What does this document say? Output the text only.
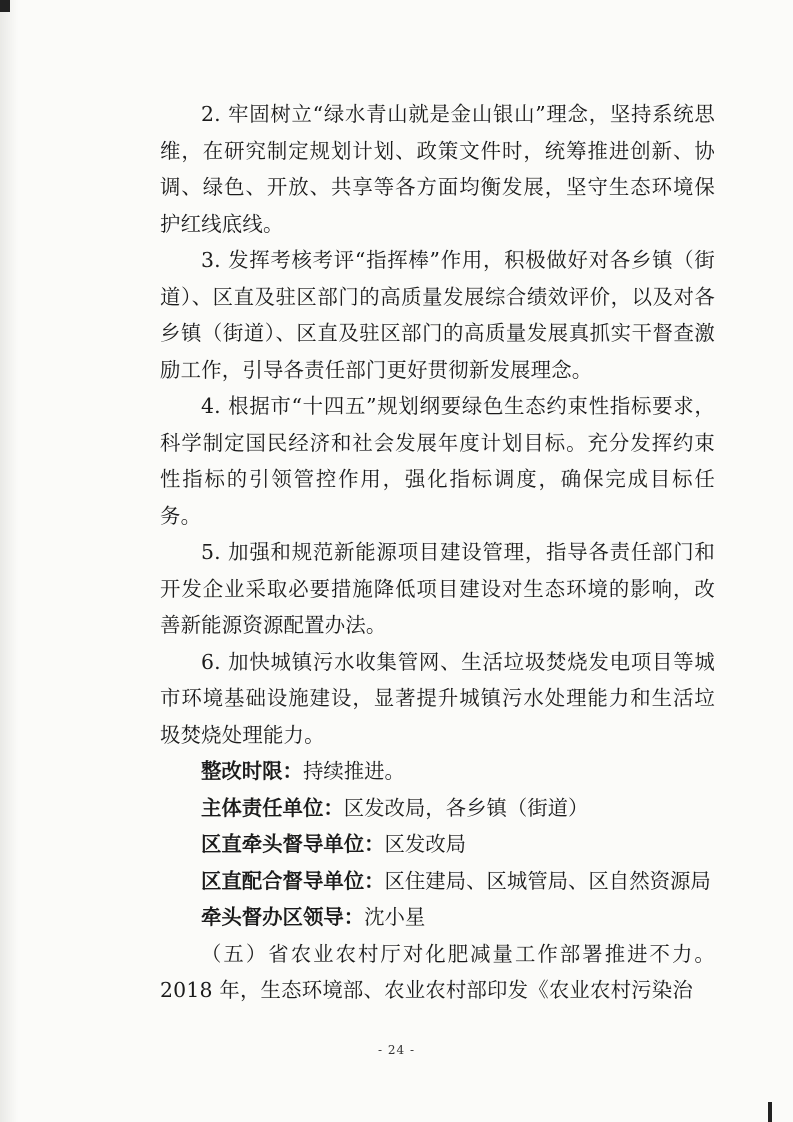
2. 牢固树立“绿水青山就是金山银山”理念，坚持系统思维，在研究制定规划计划、政策文件时，统筹推进创新、协调、绿色、开放、共享等各方面均衡发展，坚守生态环境保护红线底线。

3. 发挥考核考评“指挥棒”作用，积极做好对各乡镇（街道）、区直及驻区部门的高质量发展综合绩效评价，以及对各乡镇（街道）、区直及驻区部门的高质量发展真抓实干督查激励工作，引导各责任部门更好贯彻新发展理念。

4. 根据市“十四五”规划纲要绿色生态约束性指标要求，科学制定国民经济和社会发展年度计划目标。充分发挥约束性指标的引领管控作用，强化指标调度，确保完成目标任务。

5. 加强和规范新能源项目建设管理，指导各责任部门和开发企业采取必要措施降低项目建设对生态环境的影响，改善新能源资源配置办法。

6. 加快城镇污水收集管网、生活垃圾焚烧发电项目等城市环境基础设施建设，显著提升城镇污水处理能力和生活垃圾焚烧处理能力。

整改时限：持续推进。

主体责任单位：区发改局，各乡镇（街道）

区直牵头督导单位：区发改局

区直配合督导单位：区住建局、区城管局、区自然资源局

牵头督办区领导：沈小星

（五）省农业农村厅对化肥减量工作部署推进不力。2018 年，生态环境部、农业农村部印发《农业农村污染治

- 24 -
